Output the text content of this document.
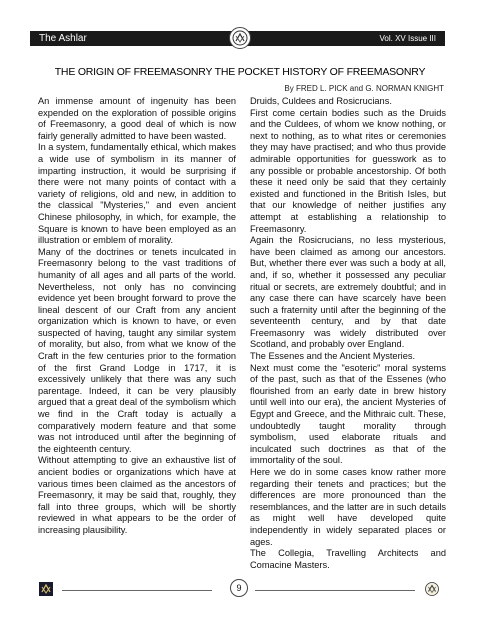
The Ashlar	Vol. XV Issue III
THE ORIGIN OF FREEMASONRY THE POCKET HISTORY OF FREEMASONRY
By FRED L. PICK and G. NORMAN KNIGHT

An immense amount of ingenuity has been expended on the exploration of possible origins of Freemasonry, a good deal of which is now fairly generally admitted to have been wasted.

In a system, fundamentally ethical, which makes a wide use of symbolism in its manner of imparting instruction, it would be surprising if there were not many points of contact with a variety of religions, old and new, in addition to the classical "Mysteries," and even ancient Chinese philosophy, in which, for example, the Square is known to have been employed as an illustration or emblem of morality.

Many of the doctrines or tenets inculcated in Freemasonry belong to the vast traditions of humanity of all ages and all parts of the world. Nevertheless, not only has no convincing evidence yet been brought forward to prove the lineal descent of our Craft from any ancient organization which is known to have, or even suspected of having, taught any similar system of morality, but also, from what we know of the Craft in the few centuries prior to the formation of the first Grand Lodge in 1717, it is excessively unlikely that there was any such parentage. Indeed, it can be very plausibly argued that a great deal of the symbolism which we find in the Craft today is actually a comparatively modern feature and that some was not introduced until after the beginning of the eighteenth century.

Without attempting to give an exhaustive list of ancient bodies or organizations which have at various times been claimed as the ancestors of Freemasonry, it may be said that, roughly, they fall into three groups, which will be shortly reviewed in what appears to be the order of increasing plausibility.

Druids, Culdees and Rosicrucians.

First come certain bodies such as the Druids and the Culdees, of whom we know nothing, or next to nothing, as to what rites or ceremonies they may have practised; and who thus provide admirable opportunities for guesswork as to any possible or probable ancestorship. Of both these it need only be said that they certainly existed and functioned in the British Isles, but that our knowledge of neither justifies any attempt at establishing a relationship to Freemasonry.

Again the Rosicrucians, no less mysterious, have been claimed as among our ancestors. But, whether there ever was such a body at all, and, if so, whether it possessed any peculiar ritual or secrets, are extremely doubtful; and in any case there can have scarcely have been such a fraternity until after the beginning of the seventeenth century, and by that date Freemasonry was widely distributed over Scotland, and probably over England.

The Essenes and the Ancient Mysteries.

Next must come the "esoteric" moral systems of the past, such as that of the Essenes (who flourished from an early date in brew history until well into our era), the ancient Mysteries of Egypt and Greece, and the Mithraic cult. These, undoubtedly taught morality through symbolism, used elaborate rituals and inculcated such doctrines as that of the immortality of the soul.

Here we do in some cases know rather more regarding their tenets and practices; but the differences are more pronounced than the resemblances, and the latter are in such details as might well have developed quite independently in widely separated places or ages.

The Collegia, Travelling Architects and Comacine Masters.

9
